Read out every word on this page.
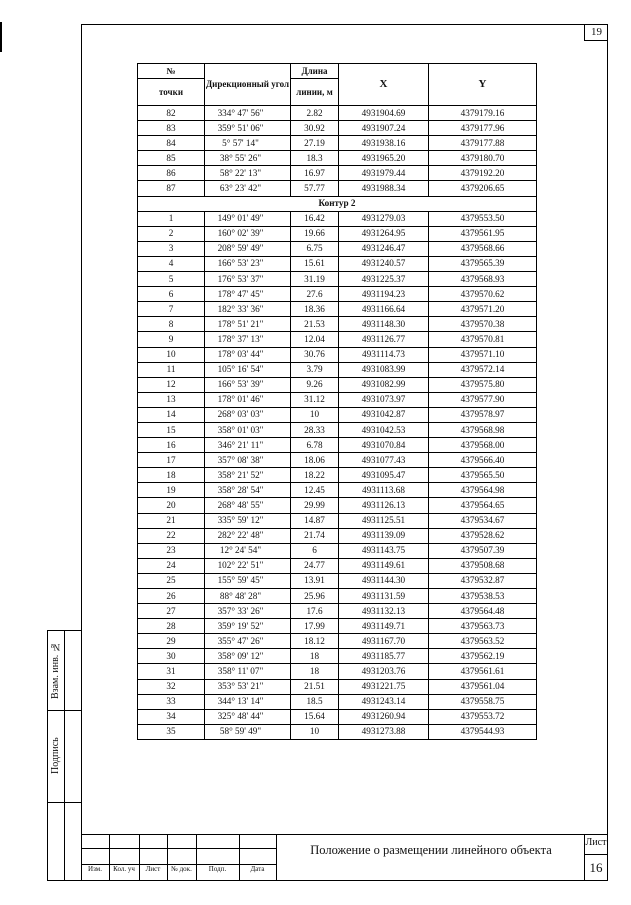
19
Взам. инв. №
Подпись
№	Дирекционный угол	Длина	X	Y
точки		линии, м		
82	334° 47' 56"	2.82	4931904.69	4379179.16
83	359° 51' 06"	30.92	4931907.24	4379177.96
84	5° 57' 14"	27.19	4931938.16	4379177.88
85	38° 55' 26"	18.3	4931965.20	4379180.70
86	58° 22' 13"	16.97	4931979.44	4379192.20
87	63° 23' 42"	57.77	4931988.34	4379206.65
Контур 2				
1	149° 01' 49"	16.42	4931279.03	4379553.50
2	160° 02' 39"	19.66	4931264.95	4379561.95
3	208° 59' 49"	6.75	4931246.47	4379568.66
4	166° 53' 23"	15.61	4931240.57	4379565.39
5	176° 53' 37"	31.19	4931225.37	4379568.93
6	178° 47' 45"	27.6	4931194.23	4379570.62
7	182° 33' 36"	18.36	4931166.64	4379571.20
8	178° 51' 21"	21.53	4931148.30	4379570.38
9	178° 37' 13"	12.04	4931126.77	4379570.81
10	178° 03' 44"	30.76	4931114.73	4379571.10
11	105° 16' 54"	3.79	4931083.99	4379572.14
12	166° 53' 39"	9.26	4931082.99	4379575.80
13	178° 01' 46"	31.12	4931073.97	4379577.90
14	268° 03' 03"	10	4931042.87	4379578.97
15	358° 01' 03"	28.33	4931042.53	4379568.98
16	346° 21' 11"	6.78	4931070.84	4379568.00
17	357° 08' 38"	18.06	4931077.43	4379566.40
18	358° 21' 52"	18.22	4931095.47	4379565.50
19	358° 28' 54"	12.45	4931113.68	4379564.98
20	268° 48' 55"	29.99	4931126.13	4379564.65
21	335° 59' 12"	14.87	4931125.51	4379534.67
22	282° 22' 48"	21.74	4931139.09	4379528.62
23	12° 24' 54"	6	4931143.75	4379507.39
24	102° 22' 51"	24.77	4931149.61	4379508.68
25	155° 59' 45"	13.91	4931144.30	4379532.87
26	88° 48' 28"	25.96	4931131.59	4379538.53
27	357° 33' 26"	17.6	4931132.13	4379564.48
28	359° 19' 52"	17.99	4931149.71	4379563.73
29	355° 47' 26"	18.12	4931167.70	4379563.52
30	358° 09' 12"	18	4931185.77	4379562.19
31	358° 11' 07"	18	4931203.76	4379561.61
32	353° 53' 21"	21.51	4931221.75	4379561.04
33	344° 13' 14"	18.5	4931243.14	4379558.75
34	325° 48' 44"	15.64	4931260.94	4379553.72
35	58° 59' 49"	10	4931273.88	4379544.93
Изм.	Кол. уч	Лист	№ док.	Подп.	Дата
Положение о размещении линейного объекта
Лист
16
